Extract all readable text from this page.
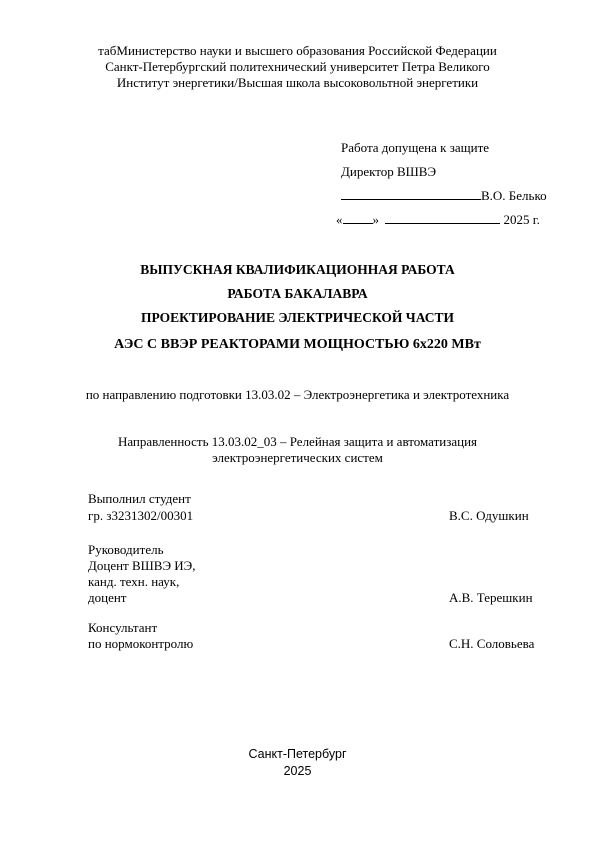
табМинистерство науки и высшего образования Российской Федерации
Санкт-Петербургский политехнический университет Петра Великого
Институт энергетики/Высшая школа высоковольтной энергетики
Работа допущена к защите
Директор ВШВЭ
В.О. Белько
« »	2025 г.
ВЫПУСКНАЯ КВАЛИФИКАЦИОННАЯ РАБОТА
РАБОТА БАКАЛАВРА
ПРОЕКТИРОВАНИЕ ЭЛЕКТРИЧЕСКОЙ ЧАСТИ
АЭС С ВВЭР РЕАКТОРАМИ МОЩНОСТЬЮ 6х220 МВт
по направлению подготовки 13.03.02 – Электроэнергетика и электротехника
Направленность 13.03.02_03 – Релейная защита и автоматизация
электроэнергетических систем
Выполнил студент
гр. з3231302/00301	В.С. Одушкин
Руководитель
Доцент ВШВЭ ИЭ,
канд. техн. наук,
доцент	А.В. Терешкин
Консультант
по нормоконтролю	С.Н. Соловьева
Санкт-Петербург
2025
